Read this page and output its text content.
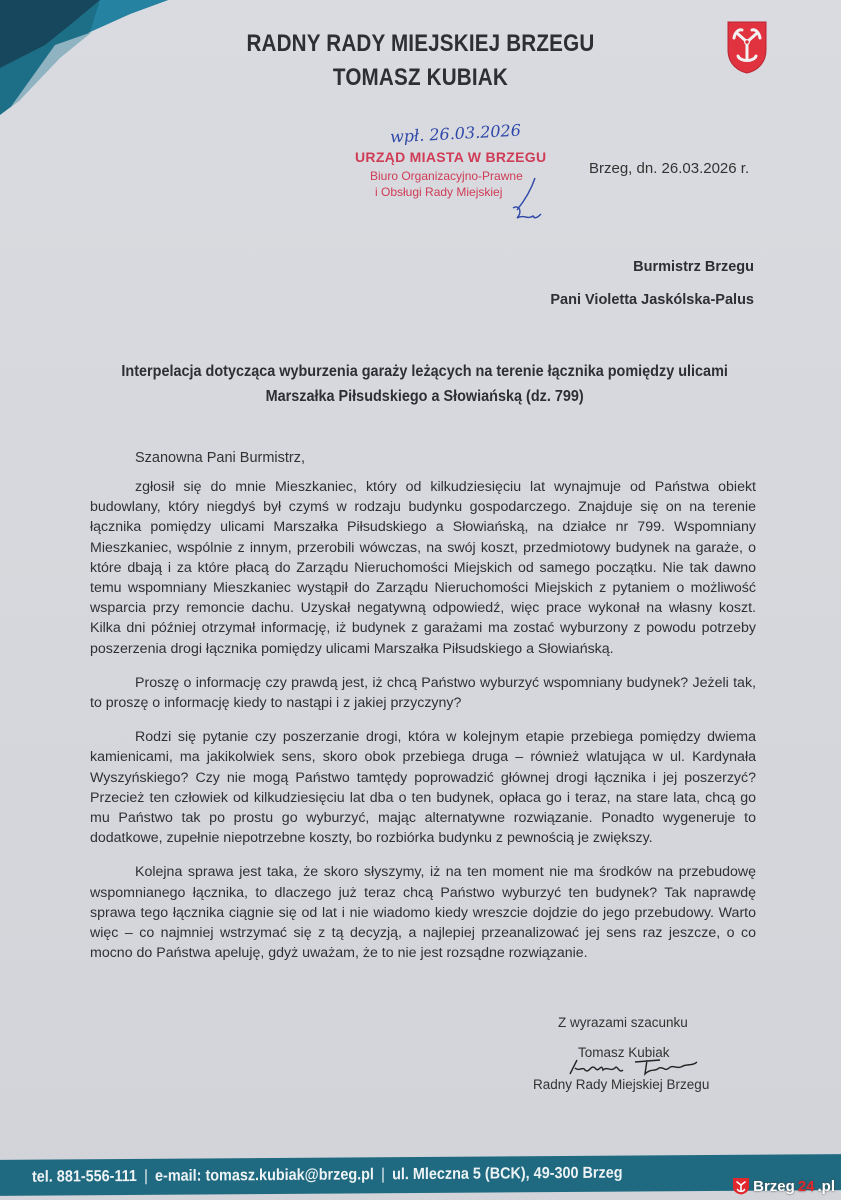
RADNY RADY MIEJSKIEJ BRZEGU
TOMASZ KUBIAK
wpł. 26.03.2026
URZĄD MIASTA W BRZEGU
Biuro Organizacyjno-Prawne
i Obsługi Rady Miejskiej
Brzeg, dn. 26.03.2026 r.
Burmistrz Brzegu
Pani Violetta Jaskólska-Palus
Interpelacja dotycząca wyburzenia garaży leżących na terenie łącznika pomiędzy ulicami
Marszałka Piłsudskiego a Słowiańską (dz. 799)
Szanowna Pani Burmistrz,

zgłosił się do mnie Mieszkaniec, który od kilkudziesięciu lat wynajmuje od Państwa obiekt budowlany, który niegdyś był czymś w rodzaju budynku gospodarczego. Znajduje się on na terenie łącznika pomiędzy ulicami Marszałka Piłsudskiego a Słowiańską, na działce nr 799. Wspomniany Mieszkaniec, wspólnie z innym, przerobili wówczas, na swój koszt, przedmiotowy budynek na garaże, o które dbają i za które płacą do Zarządu Nieruchomości Miejskich od samego początku. Nie tak dawno temu wspomniany Mieszkaniec wystąpił do Zarządu Nieruchomości Miejskich z pytaniem o możliwość wsparcia przy remoncie dachu. Uzyskał negatywną odpowiedź, więc prace wykonał na własny koszt. Kilka dni później otrzymał informację, iż budynek z garażami ma zostać wyburzony z powodu potrzeby poszerzenia drogi łącznika pomiędzy ulicami Marszałka Piłsudskiego a Słowiańską.

Proszę o informację czy prawdą jest, iż chcą Państwo wyburzyć wspomniany budynek? Jeżeli tak, to proszę o informację kiedy to nastąpi i z jakiej przyczyny?

Rodzi się pytanie czy poszerzanie drogi, która w kolejnym etapie przebiega pomiędzy dwiema kamienicami, ma jakikolwiek sens, skoro obok przebiega druga – również wlatująca w ul. Kardynała Wyszyńskiego? Czy nie mogą Państwo tamtędy poprowadzić głównej drogi łącznika i jej poszerzyć? Przecież ten człowiek od kilkudziesięciu lat dba o ten budynek, opłaca go i teraz, na stare lata, chcą go mu Państwo tak po prostu go wyburzyć, mając alternatywne rozwiązanie. Ponadto wygeneruje to dodatkowe, zupełnie niepotrzebne koszty, bo rozbiórka budynku z pewnością je zwiększy.

Kolejna sprawa jest taka, że skoro słyszymy, iż na ten moment nie ma środków na przebudowę wspomnianego łącznika, to dlaczego już teraz chcą Państwo wyburzyć ten budynek? Tak naprawdę sprawa tego łącznika ciągnie się od lat i nie wiadomo kiedy wreszcie dojdzie do jego przebudowy. Warto więc – co najmniej wstrzymać się z tą decyzją, a najlepiej przeanalizować jej sens raz jeszcze, o co mocno do Państwa apeluję, gdyż uważam, że to nie jest rozsądne rozwiązanie.

Z wyrazami szacunku
Tomasz Kubiak
Radny Rady Miejskiej Brzegu
tel. 881-556-111 | e-mail: tomasz.kubiak@brzeg.pl | ul. Mleczna 5 (BCK), 49-300 Brzeg
Brzeg 24 .pl
